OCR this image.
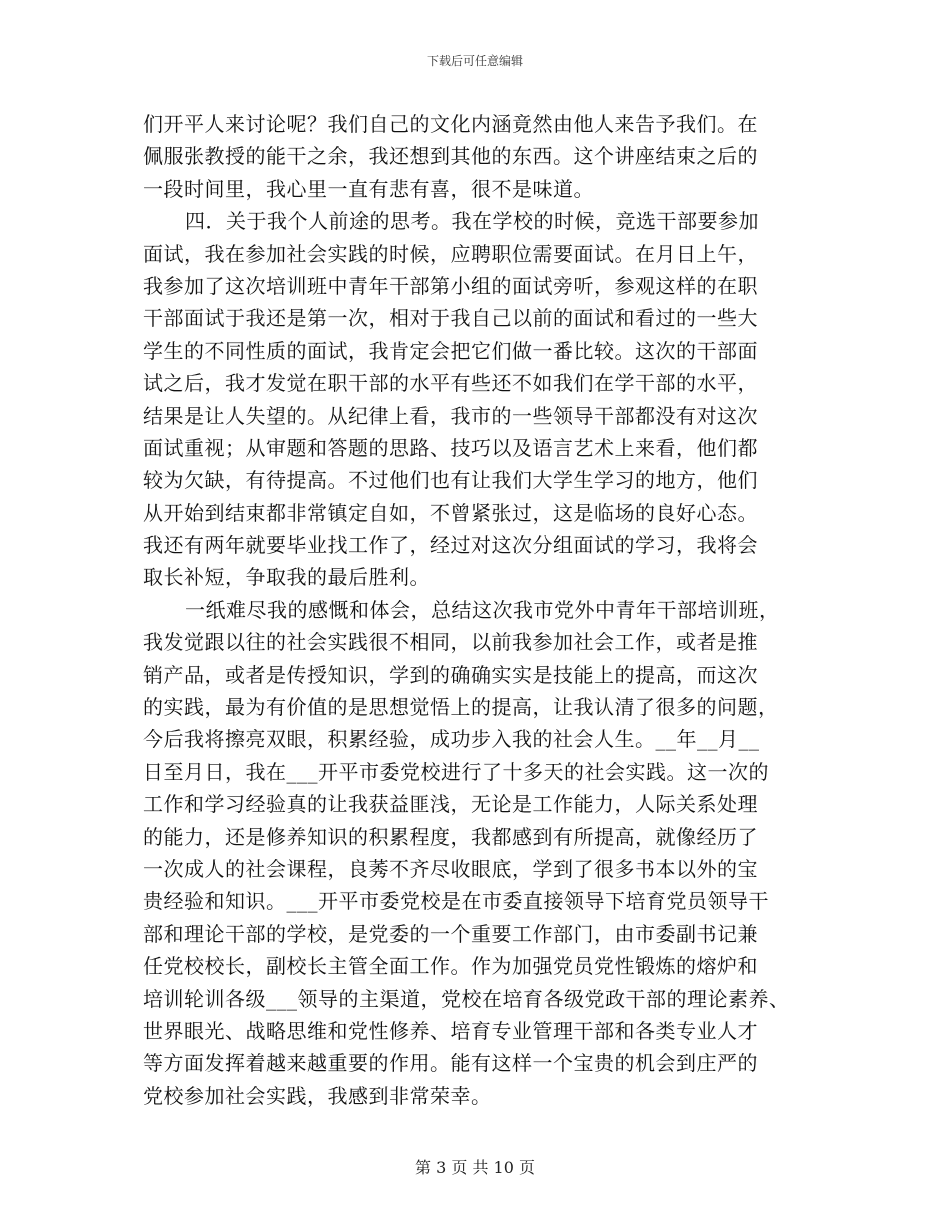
下载后可任意编辑
们开平人来讨论呢？我们自己的文化内涵竟然由他人来告予我们。在
佩服张教授的能干之余，我还想到其他的东西。这个讲座结束之后的
一段时间里，我心里一直有悲有喜，很不是味道。
四．关于我个人前途的思考。我在学校的时候，竞选干部要参加
面试，我在参加社会实践的时候，应聘职位需要面试。在月日上午，
我参加了这次培训班中青年干部第小组的面试旁听，参观这样的在职
干部面试于我还是第一次，相对于我自己以前的面试和看过的一些大
学生的不同性质的面试，我肯定会把它们做一番比较。这次的干部面
试之后，我才发觉在职干部的水平有些还不如我们在学干部的水平，
结果是让人失望的。从纪律上看，我市的一些领导干部都没有对这次
面试重视；从审题和答题的思路、技巧以及语言艺术上来看，他们都
较为欠缺，有待提高。不过他们也有让我们大学生学习的地方，他们
从开始到结束都非常镇定自如，不曾紧张过，这是临场的良好心态。
我还有两年就要毕业找工作了，经过对这次分组面试的学习，我将会
取长补短，争取我的最后胜利。
一纸难尽我的感慨和体会，总结这次我市党外中青年干部培训班，
我发觉跟以往的社会实践很不相同，以前我参加社会工作，或者是推
销产品，或者是传授知识，学到的确确实实是技能上的提高，而这次
的实践，最为有价值的是思想觉悟上的提高，让我认清了很多的问题，
今后我将擦亮双眼，积累经验，成功步入我的社会人生。__年__月__
日至月日，我在___开平市委党校进行了十多天的社会实践。这一次的
工作和学习经验真的让我获益匪浅，无论是工作能力，人际关系处理
的能力，还是修养知识的积累程度，我都感到有所提高，就像经历了
一次成人的社会课程，良莠不齐尽收眼底，学到了很多书本以外的宝
贵经验和知识。___开平市委党校是在市委直接领导下培育党员领导干
部和理论干部的学校，是党委的一个重要工作部门，由市委副书记兼
任党校校长，副校长主管全面工作。作为加强党员党性锻炼的熔炉和
培训轮训各级___领导的主渠道，党校在培育各级党政干部的理论素养、
世界眼光、战略思维和党性修养、培育专业管理干部和各类专业人才
等方面发挥着越来越重要的作用。能有这样一个宝贵的机会到庄严的
党校参加社会实践，我感到非常荣幸。
第 3 页 共 10 页
